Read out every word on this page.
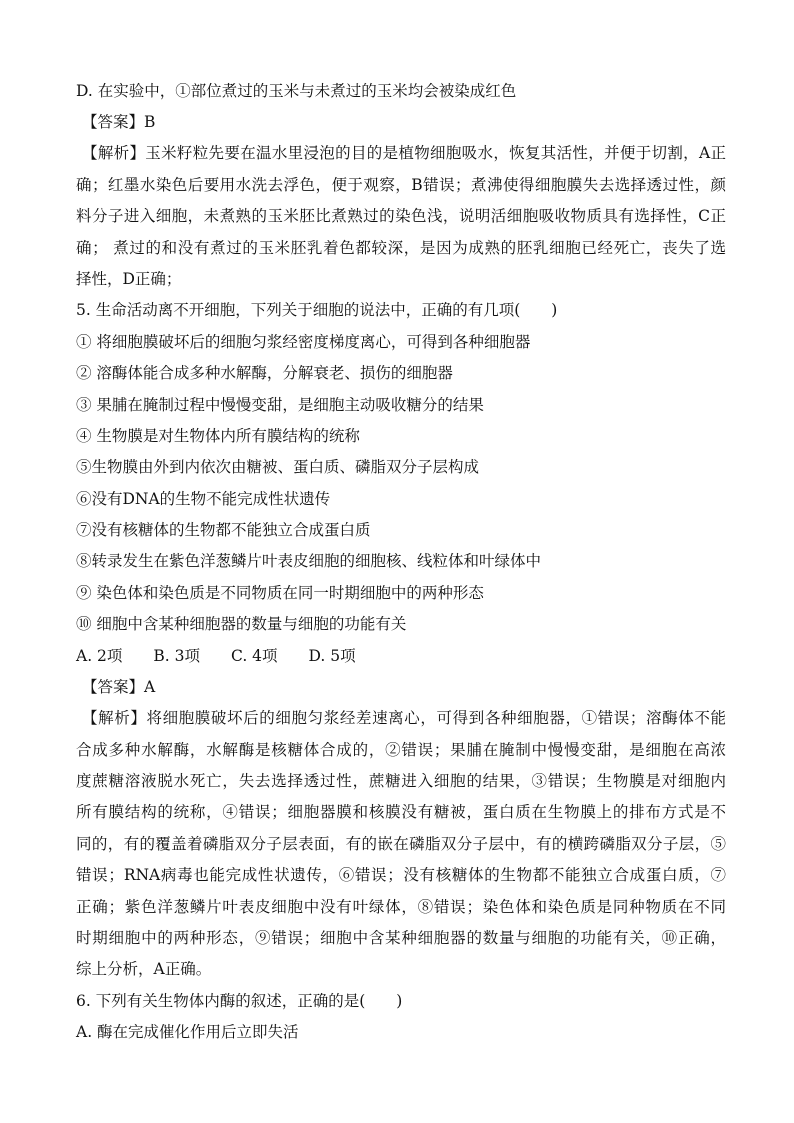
D. 在实验中，①部位煮过的玉米与未煮过的玉米均会被染成红色
【答案】B
【解析】玉米籽粒先要在温水里浸泡的目的是植物细胞吸水，恢复其活性，并便于切割，A正
确；红墨水染色后要用水洗去浮色，便于观察，B错误；煮沸使得细胞膜失去选择透过性，颜
料分子进入细胞，未煮熟的玉米胚比煮熟过的染色浅，说明活细胞吸收物质具有选择性，C正
确； 煮过的和没有煮过的玉米胚乳着色都较深，是因为成熟的胚乳细胞已经死亡，丧失了选
择性，D正确；
5. 生命活动离不开细胞，下列关于细胞的说法中，正确的有几项(　　)
① 将细胞膜破坏后的细胞匀浆经密度梯度离心，可得到各种细胞器
② 溶酶体能合成多种水解酶，分解衰老、损伤的细胞器
③ 果脯在腌制过程中慢慢变甜，是细胞主动吸收糖分的结果
④ 生物膜是对生物体内所有膜结构的统称
⑤生物膜由外到内依次由糖被、蛋白质、磷脂双分子层构成
⑥没有DNA的生物不能完成性状遗传
⑦没有核糖体的生物都不能独立合成蛋白质
⑧转录发生在紫色洋葱鳞片叶表皮细胞的细胞核、线粒体和叶绿体中
⑨ 染色体和染色质是不同物质在同一时期细胞中的两种形态
⑩ 细胞中含某种细胞器的数量与细胞的功能有关
A. 2项　　B. 3项　　C. 4项　　D. 5项
【答案】A
【解析】将细胞膜破坏后的细胞匀浆经差速离心，可得到各种细胞器，①错误；溶酶体不能
合成多种水解酶，水解酶是核糖体合成的，②错误；果脯在腌制中慢慢变甜，是细胞在高浓
度蔗糖溶液脱水死亡，失去选择透过性，蔗糖进入细胞的结果，③错误；生物膜是对细胞内
所有膜结构的统称，④错误；细胞器膜和核膜没有糖被，蛋白质在生物膜上的排布方式是不
同的，有的覆盖着磷脂双分子层表面，有的嵌在磷脂双分子层中，有的横跨磷脂双分子层，⑤
错误；RNA病毒也能完成性状遗传，⑥错误；没有核糖体的生物都不能独立合成蛋白质，⑦
正确；紫色洋葱鳞片叶表皮细胞中没有叶绿体，⑧错误；染色体和染色质是同种物质在不同
时期细胞中的两种形态，⑨错误；细胞中含某种细胞器的数量与细胞的功能有关，⑩正确，
综上分析，A正确。
6. 下列有关生物体内酶的叙述，正确的是(　　)
A. 酶在完成催化作用后立即失活
